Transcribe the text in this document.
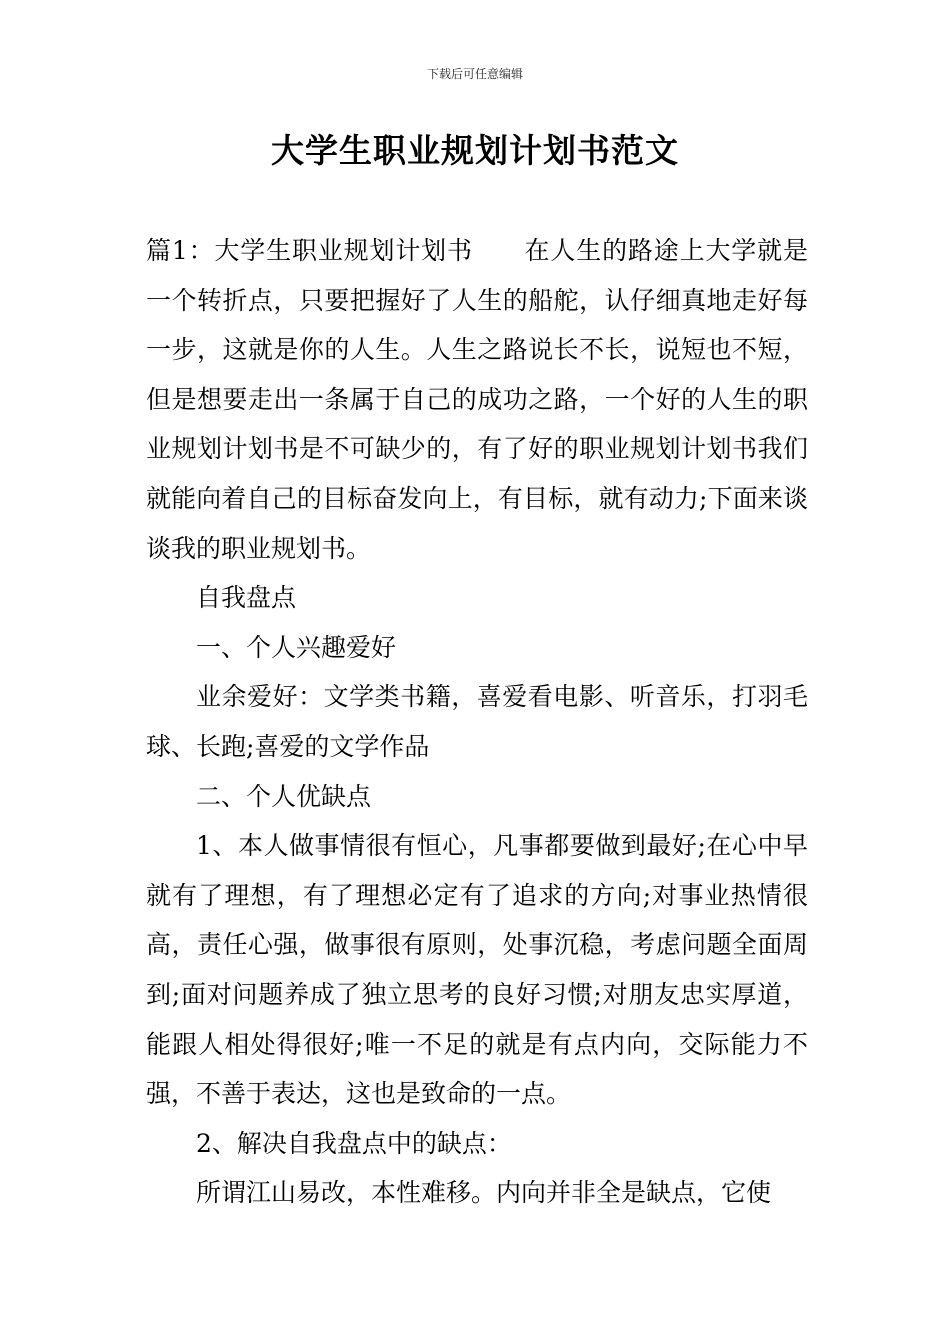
下载后可任意编辑
大学生职业规划计划书范文

篇1：大学生职业规划计划书　　在人生的路途上大学就是一个转折点，只要把握好了人生的船舵，认仔细真地走好每一步，这就是你的人生。人生之路说长不长，说短也不短，但是想要走出一条属于自己的成功之路，一个好的人生的职业规划计划书是不可缺少的，有了好的职业规划计划书我们就能向着自己的目标奋发向上，有目标，就有动力;下面来谈谈我的职业规划书。

自我盘点

一、个人兴趣爱好

业余爱好：文学类书籍，喜爱看电影、听音乐，打羽毛球、长跑;喜爱的文学作品

二、个人优缺点

1、本人做事情很有恒心，凡事都要做到最好;在心中早就有了理想，有了理想必定有了追求的方向;对事业热情很高，责任心强，做事很有原则，处事沉稳，考虑问题全面周到;面对问题养成了独立思考的良好习惯;对朋友忠实厚道，能跟人相处得很好;唯一不足的就是有点内向，交际能力不强，不善于表达，这也是致命的一点。

2、解决自我盘点中的缺点：

所谓江山易改，本性难移。内向并非全是缺点，它使
